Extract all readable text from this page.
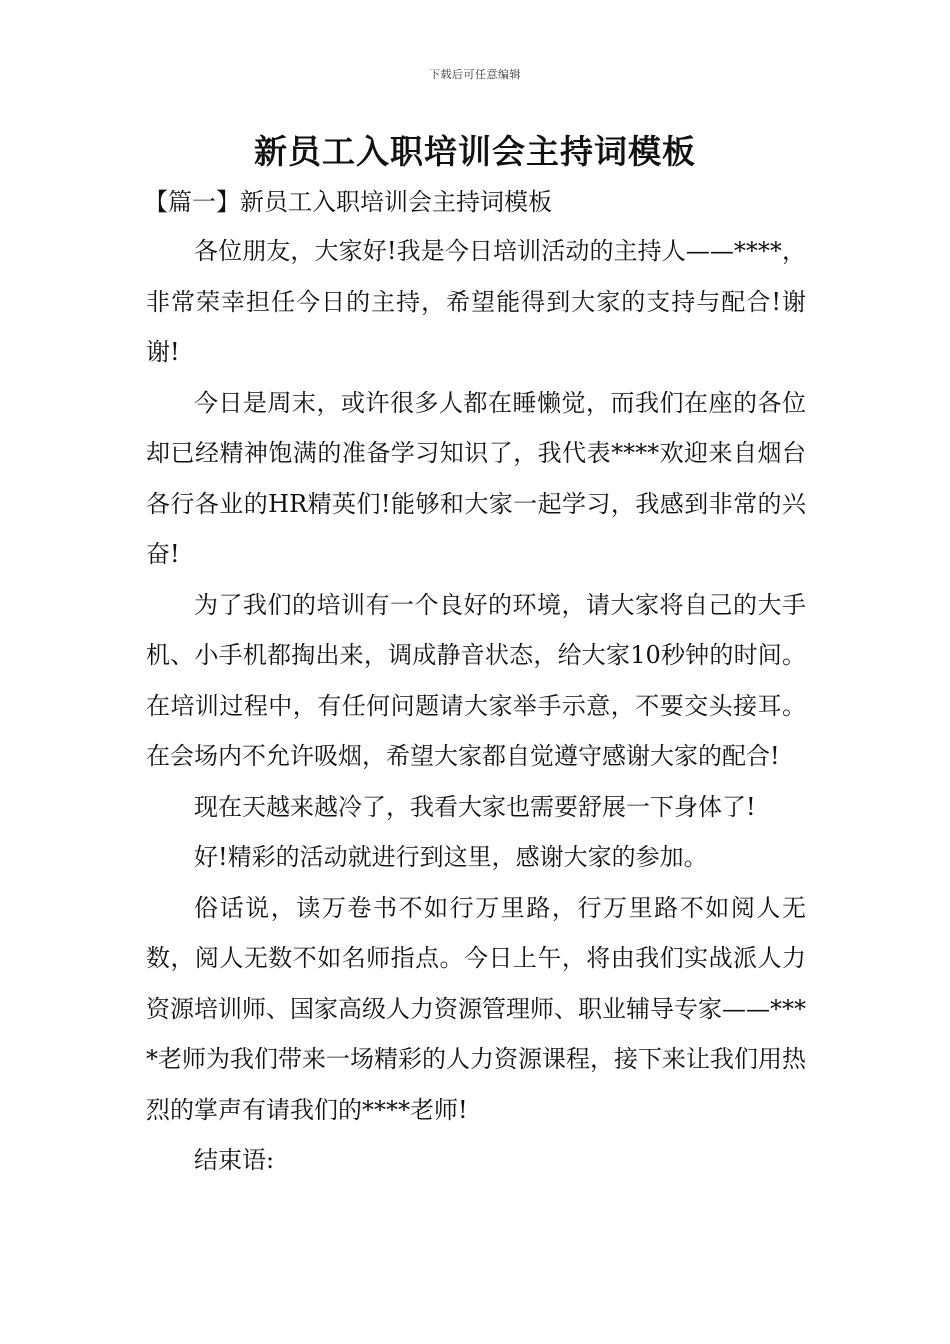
下载后可任意编辑
新员工入职培训会主持词模板
【篇一】新员工入职培训会主持词模板

各位朋友，大家好!我是今日培训活动的主持人——****，非常荣幸担任今日的主持，希望能得到大家的支持与配合!谢谢!

今日是周末，或许很多人都在睡懒觉，而我们在座的各位却已经精神饱满的准备学习知识了，我代表****欢迎来自烟台各行各业的HR精英们!能够和大家一起学习，我感到非常的兴奋!

为了我们的培训有一个良好的环境，请大家将自己的大手机、小手机都掏出来，调成静音状态，给大家10秒钟的时间。在培训过程中，有任何问题请大家举手示意，不要交头接耳。在会场内不允许吸烟，希望大家都自觉遵守感谢大家的配合!

现在天越来越冷了，我看大家也需要舒展一下身体了!

好!精彩的活动就进行到这里，感谢大家的参加。

俗话说，读万卷书不如行万里路，行万里路不如阅人无数，阅人无数不如名师指点。今日上午，将由我们实战派人力资源培训师、国家高级人力资源管理师、职业辅导专家——****老师为我们带来一场精彩的人力资源课程，接下来让我们用热烈的掌声有请我们的****老师!

结束语:
